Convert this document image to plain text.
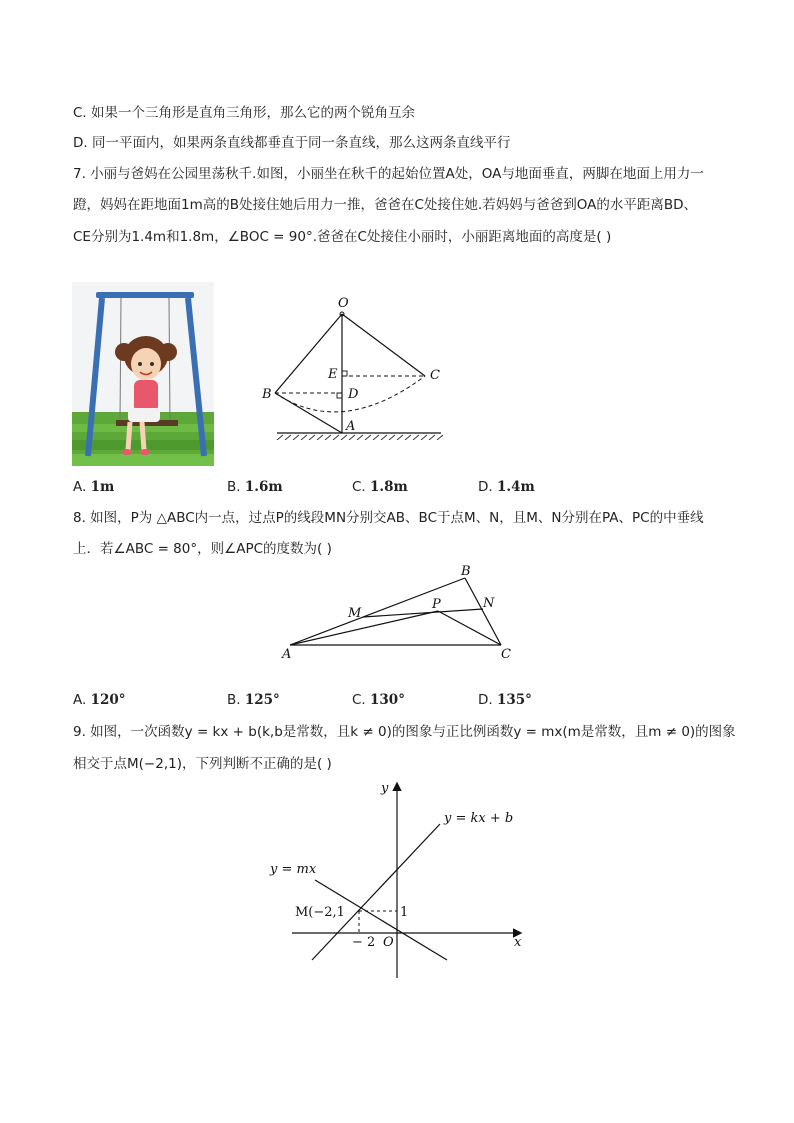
C. 如果一个三角形是直角三角形，那么它的两个锐角互余
D. 同一平面内，如果两条直线都垂直于同一条直线，那么这两条直线平行
7. 小丽与爸妈在公园里荡秋千.如图，小丽坐在秋千的起始位置A处，OA与地面垂直，两脚在地面上用力一
蹬，妈妈在距地面1m高的B处接住她后用力一推，爸爸在C处接住她.若妈妈与爸爸到OA的水平距离BD、
CE分别为1.4m和1.8m，∠BOC = 90°.爸爸在C处接住小丽时，小丽距离地面的高度是( )
O
B
C
E
D
A
A. 1m	B. 1.6m	C. 1.8m	D. 1.4m
8. 如图，P为 △ABC内一点，过点P的线段MN分别交AB、BC于点M、N，且M、N分别在PA、PC的中垂线
上．若∠ABC = 80°，则∠APC的度数为( )
B
M
P	N
A	C
A. 120°	B. 125°	C. 130°	D. 135°
9. 如图，一次函数y = kx + b(k,b是常数，且k ≠ 0)的图象与正比例函数y = mx(m是常数，且m ≠ 0)的图象
相交于点M(−2,1)，下列判断不正确的是( )
y
x
y = kx + b
y = mx
M(−2,1	1
− 2 O
